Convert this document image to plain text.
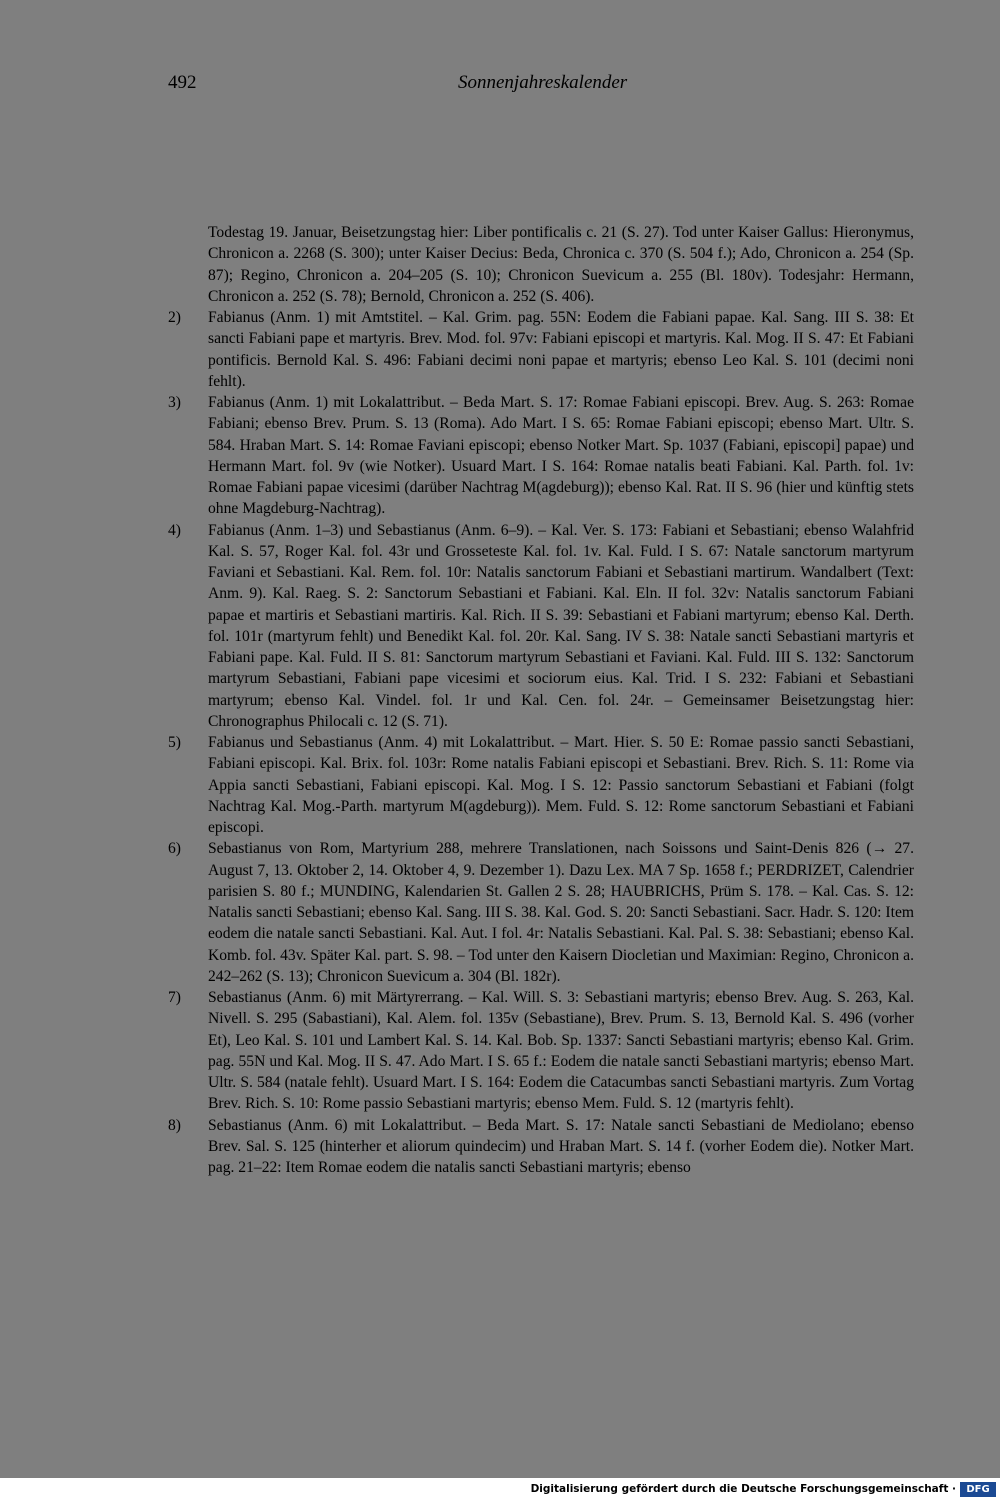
492	Sonnenjahreskalender

Todestag 19. Januar, Beisetzungstag hier: Liber pontificalis c. 21 (S. 27). Tod unter Kaiser Gallus: Hieronymus, Chronicon a. 2268 (S. 300); unter Kaiser Decius: Beda, Chronica c. 370 (S. 504 f.); Ado, Chronicon a. 254 (Sp. 87); Regino, Chronicon a. 204–205 (S. 10); Chronicon Suevicum a. 255 (Bl. 180v). Todesjahr: Hermann, Chronicon a. 252 (S. 78); Bernold, Chronicon a. 252 (S. 406).

2) Fabianus (Anm. 1) mit Amtstitel. – Kal. Grim. pag. 55N: Eodem die Fabiani papae. Kal. Sang. III S. 38: Et sancti Fabiani pape et martyris. Brev. Mod. fol. 97v: Fabiani episcopi et martyris. Kal. Mog. II S. 47: Et Fabiani pontificis. Bernold Kal. S. 496: Fabiani decimi noni papae et martyris; ebenso Leo Kal. S. 101 (decimi noni fehlt).

3) Fabianus (Anm. 1) mit Lokalattribut. – Beda Mart. S. 17: Romae Fabiani episcopi. Brev. Aug. S. 263: Romae Fabiani; ebenso Brev. Prum. S. 13 (Roma). Ado Mart. I S. 65: Romae Fabiani episcopi; ebenso Mart. Ultr. S. 584. Hraban Mart. S. 14: Romae Faviani episcopi; ebenso Notker Mart. Sp. 1037 (Fabiani, episcopi] papae) und Hermann Mart. fol. 9v (wie Notker). Usuard Mart. I S. 164: Romae natalis beati Fabiani. Kal. Parth. fol. 1v: Romae Fabiani papae vicesimi (darüber Nachtrag M(agdeburg)); ebenso Kal. Rat. II S. 96 (hier und künftig stets ohne Magdeburg-Nachtrag).

4) Fabianus (Anm. 1–3) und Sebastianus (Anm. 6–9). – Kal. Ver. S. 173: Fabiani et Sebastiani; ebenso Walahfrid Kal. S. 57, Roger Kal. fol. 43r und Grosseteste Kal. fol. 1v. Kal. Fuld. I S. 67: Natale sanctorum martyrum Faviani et Sebastiani. Kal. Rem. fol. 10r: Natalis sanctorum Fabiani et Sebastiani martirum. Wandalbert (Text: Anm. 9). Kal. Raeg. S. 2: Sanctorum Sebastiani et Fabiani. Kal. Eln. II fol. 32v: Natalis sanctorum Fabiani papae et martiris et Sebastiani martiris. Kal. Rich. II S. 39: Sebastiani et Fabiani martyrum; ebenso Kal. Derth. fol. 101r (martyrum fehlt) und Benedikt Kal. fol. 20r. Kal. Sang. IV S. 38: Natale sancti Sebastiani martyris et Fabiani pape. Kal. Fuld. II S. 81: Sanctorum martyrum Sebastiani et Faviani. Kal. Fuld. III S. 132: Sanctorum martyrum Sebastiani, Fabiani pape vicesimi et sociorum eius. Kal. Trid. I S. 232: Fabiani et Sebastiani martyrum; ebenso Kal. Vindel. fol. 1r und Kal. Cen. fol. 24r. – Gemeinsamer Beisetzungstag hier: Chronographus Philocali c. 12 (S. 71).

5) Fabianus und Sebastianus (Anm. 4) mit Lokalattribut. – Mart. Hier. S. 50 E: Romae passio sancti Sebastiani, Fabiani episcopi. Kal. Brix. fol. 103r: Rome natalis Fabiani episcopi et Sebastiani. Brev. Rich. S. 11: Rome via Appia sancti Sebastiani, Fabiani episcopi. Kal. Mog. I S. 12: Passio sanctorum Sebastiani et Fabiani (folgt Nachtrag Kal. Mog.-Parth. martyrum M(agdeburg)). Mem. Fuld. S. 12: Rome sanctorum Sebastiani et Fabiani episcopi.

6) Sebastianus von Rom, Martyrium 288, mehrere Translationen, nach Soissons und Saint-Denis 826 (→ 27. August 7, 13. Oktober 2, 14. Oktober 4, 9. Dezember 1). Dazu Lex. MA 7 Sp. 1658 f.; PERDRIZET, Calendrier parisien S. 80 f.; MUNDING, Kalendarien St. Gallen 2 S. 28; HAUBRICHS, Prüm S. 178. – Kal. Cas. S. 12: Natalis sancti Sebastiani; ebenso Kal. Sang. III S. 38. Kal. God. S. 20: Sancti Sebastiani. Sacr. Hadr. S. 120: Item eodem die natale sancti Sebastiani. Kal. Aut. I fol. 4r: Natalis Sebastiani. Kal. Pal. S. 38: Sebastiani; ebenso Kal. Komb. fol. 43v. Später Kal. part. S. 98. – Tod unter den Kaisern Diocletian und Maximian: Regino, Chronicon a. 242–262 (S. 13); Chronicon Suevicum a. 304 (Bl. 182r).

7) Sebastianus (Anm. 6) mit Märtyrerrang. – Kal. Will. S. 3: Sebastiani martyris; ebenso Brev. Aug. S. 263, Kal. Nivell. S. 295 (Sabastiani), Kal. Alem. fol. 135v (Sebastiane), Brev. Prum. S. 13, Bernold Kal. S. 496 (vorher Et), Leo Kal. S. 101 und Lambert Kal. S. 14. Kal. Bob. Sp. 1337: Sancti Sebastiani martyris; ebenso Kal. Grim. pag. 55N und Kal. Mog. II S. 47. Ado Mart. I S. 65 f.: Eodem die natale sancti Sebastiani martyris; ebenso Mart. Ultr. S. 584 (natale fehlt). Usuard Mart. I S. 164: Eodem die Catacumbas sancti Sebastiani martyris. Zum Vortag Brev. Rich. S. 10: Rome passio Sebastiani martyris; ebenso Mem. Fuld. S. 12 (martyris fehlt).

8) Sebastianus (Anm. 6) mit Lokalattribut. – Beda Mart. S. 17: Natale sancti Sebastiani de Mediolano; ebenso Brev. Sal. S. 125 (hinterher et aliorum quindecim) und Hraban Mart. S. 14 f. (vorher Eodem die). Notker Mart. pag. 21–22: Item Romae eodem die natalis sancti Sebastiani martyris; ebenso

Digitalisierung gefördert durch die Deutsche Forschungsgemeinschaft ·	DFG
